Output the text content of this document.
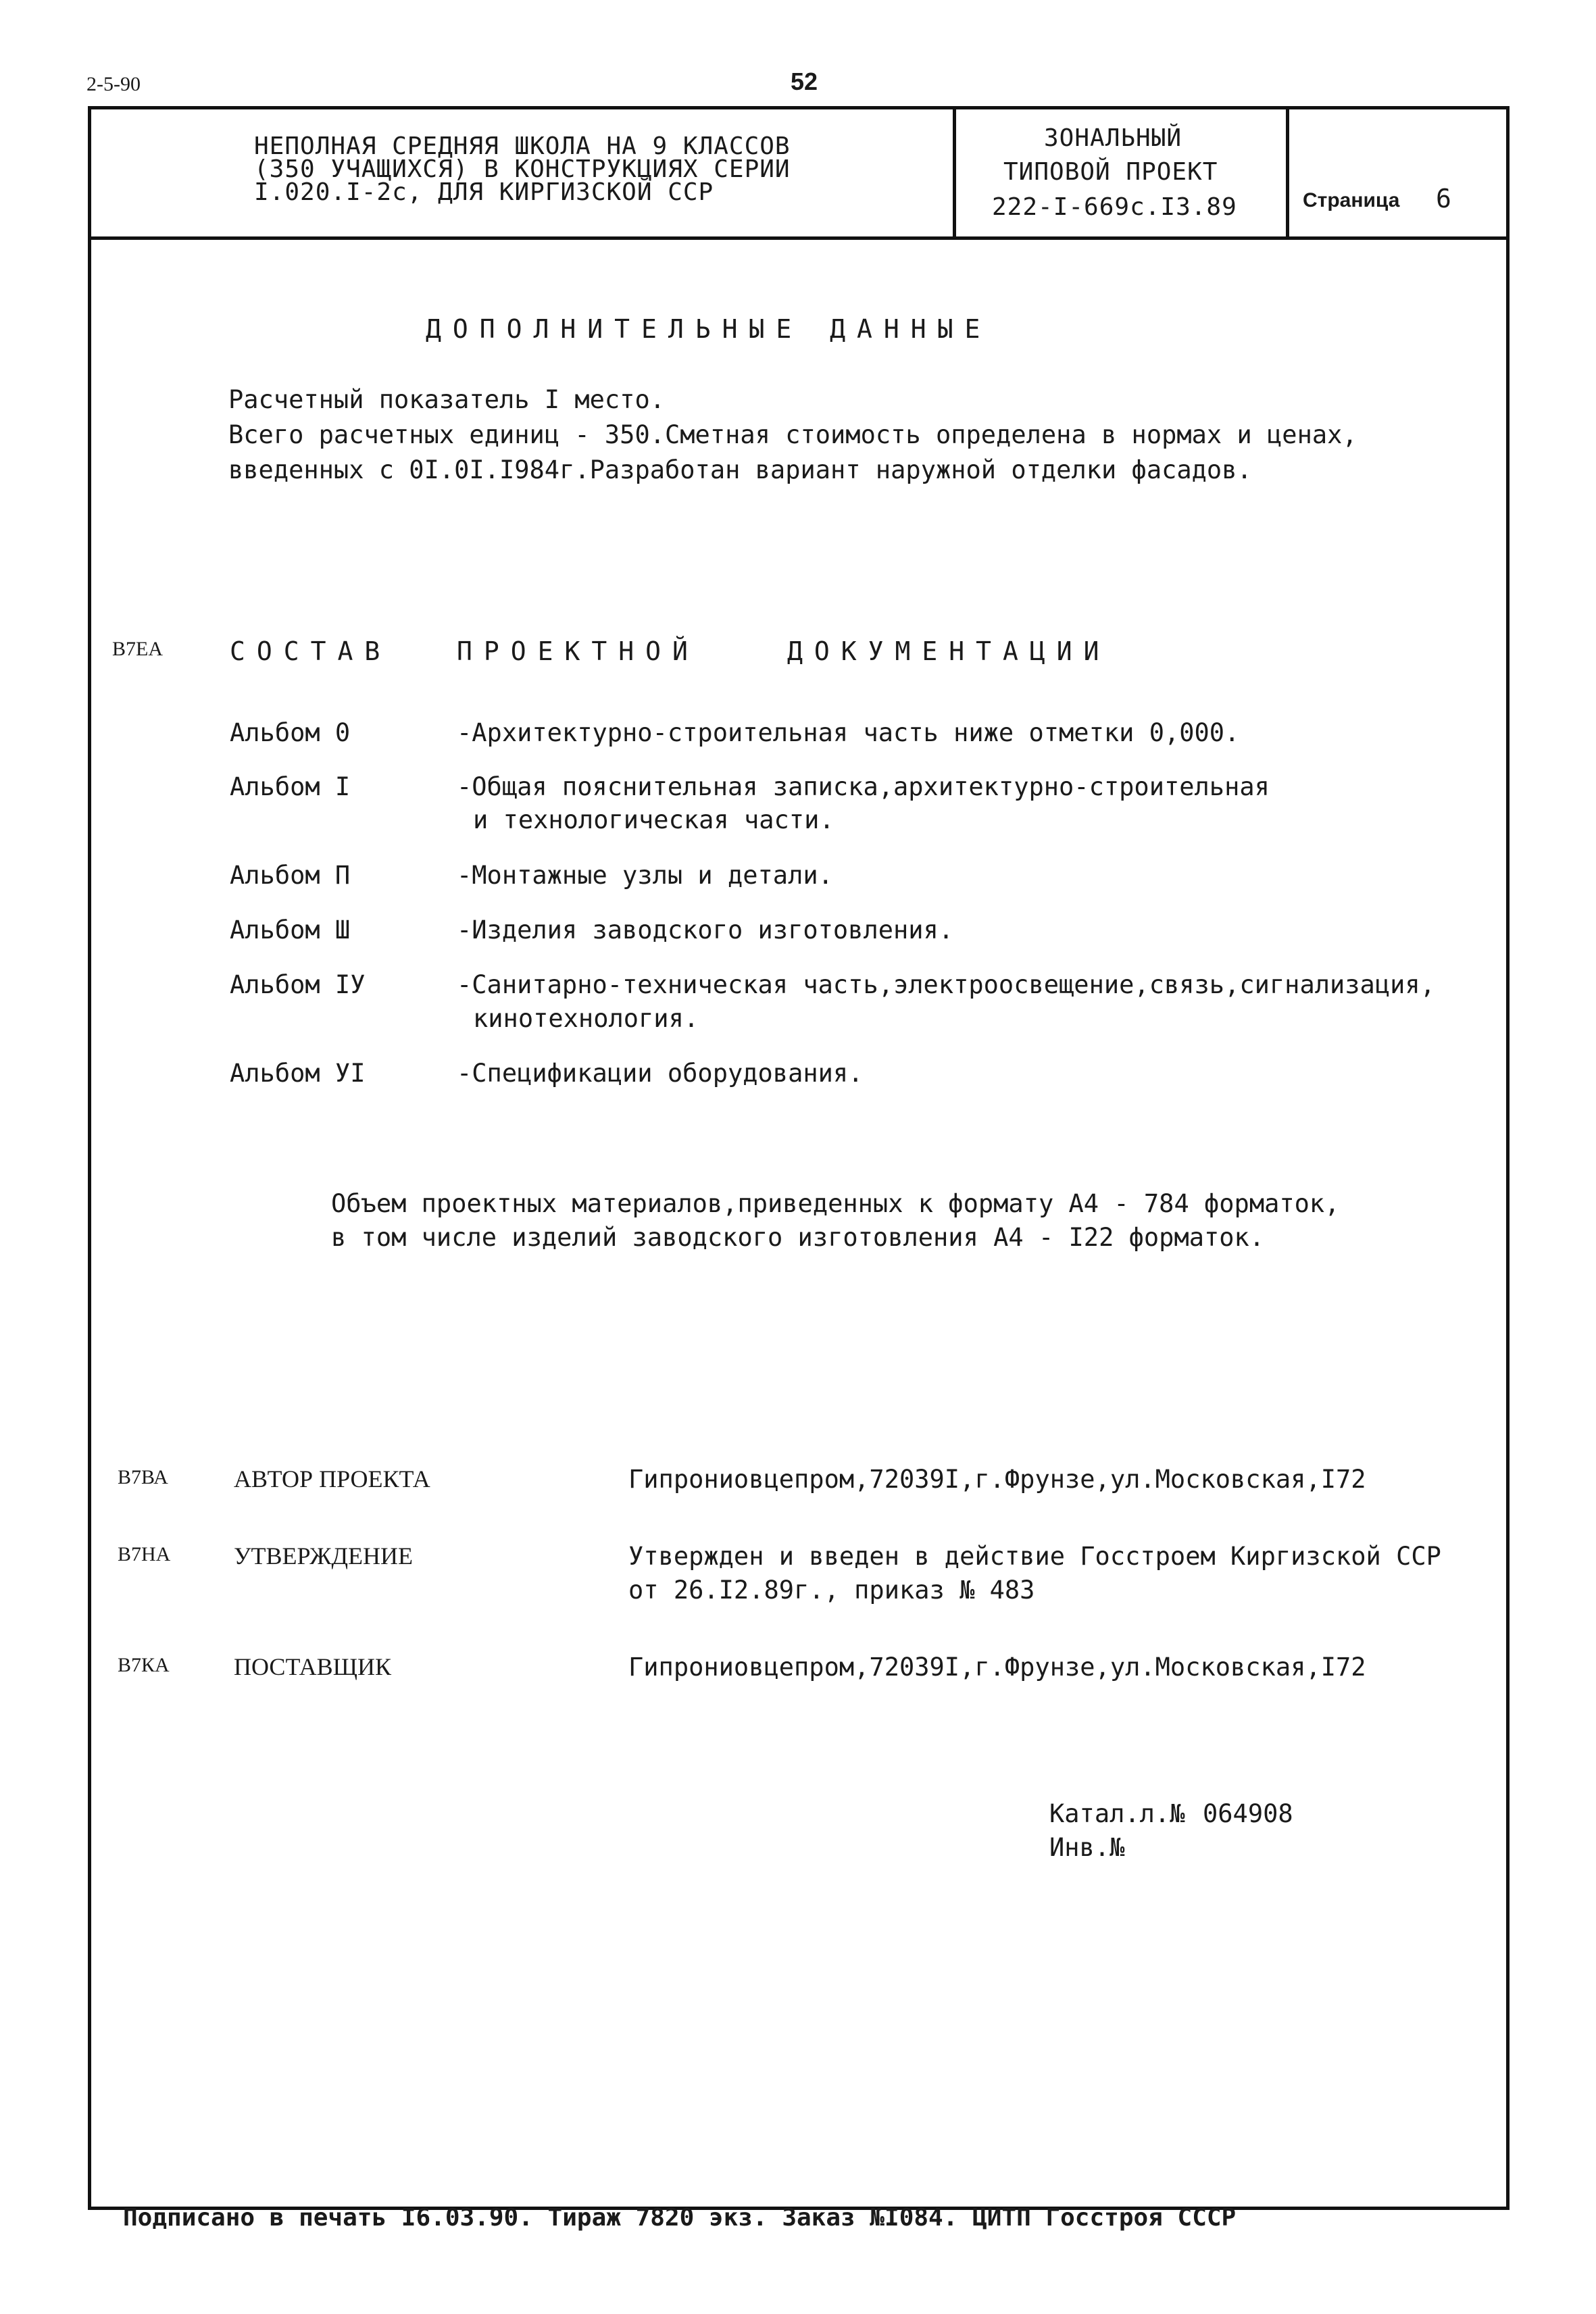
2-5-90	52
НЕПОЛНАЯ СРЕДНЯЯ ШКОЛА НА 9 КЛАССОВ
(350 УЧАЩИХСЯ) В КОНСТРУКЦИЯХ СЕРИИ
I.020.I-2с, ДЛЯ КИРГИЗСКОЙ ССР
ЗОНАЛЬНЫЙ
ТИПОВОЙ ПРОЕКТ
222-I-669с.I3.89	Страница 6
ДОПОЛНИТЕЛЬНЫЕ ДАННЫЕ
Расчетный показатель I место.
Всего расчетных единиц - 350.Сметная стоимость определена в нормах и ценах,
введенных с 0I.0I.I984г.Разработан вариант наружной отделки фасадов.
В7ЕА	СОСТАВ	ПРОЕКТНОЙ	ДОКУМЕНТАЦИИ
Альбом 0	-Архитектурно-строительная часть ниже отметки 0,000.
Альбом I	-Общая пояснительная записка,архитектурно-строительная
и технологическая части.
Альбом П	-Монтажные узлы и детали.
Альбом Ш	-Изделия заводского изготовления.
Альбом IУ	-Санитарно-техническая часть,электроосвещение,связь,сигнализация,
кинотехнология.
Альбом УI	-Спецификации оборудования.
Объем проектных материалов,приведенных к формату А4 - 784 форматок,
в том числе изделий заводского изготовления А4 - I22 форматок.
В7ВА	АВТОР ПРОЕКТА	Гипрониовцепром,72039I,г.Фрунзе,ул.Московская,I72
В7НА	УТВЕРЖДЕНИЕ	Утвержден и введен в действие Госстроем Киргизской ССР
от 26.I2.89г., приказ № 483
В7КА	ПОСТАВЩИК	Гипрониовцепром,72039I,г.Фрунзе,ул.Московская,I72
Катал.л.№ 064908
Инв.№
Подписано в печать I6.03.90. Тираж 7820 экз. Заказ №I084. ЦИТП Госстроя СССР
